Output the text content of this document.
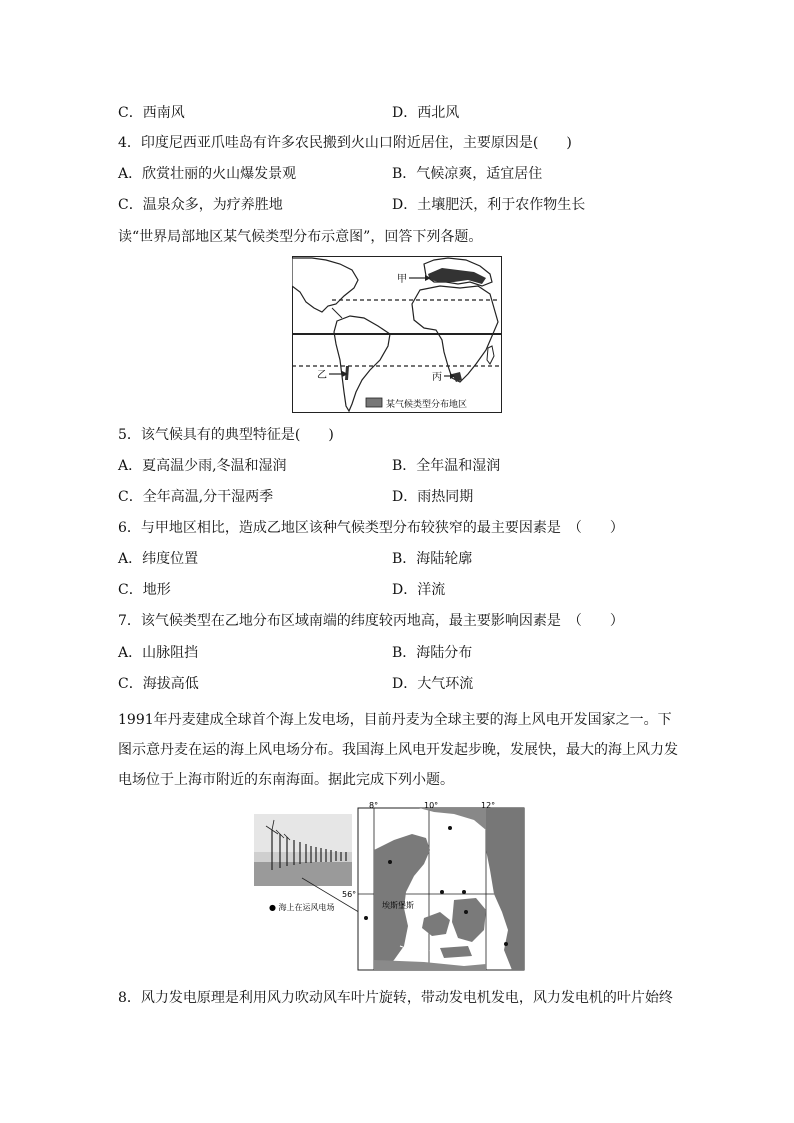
C．西南风	D．西北风
4．印度尼西亚爪哇岛有许多农民搬到火山口附近居住，主要原因是(　　)
A．欣赏壮丽的火山爆发景观	B．气候凉爽，适宜居住
C．温泉众多，为疗养胜地	D．土壤肥沃，利于农作物生长
读“世界局部地区某气候类型分布示意图”，回答下列各题。
甲
乙	丙
某气候类型分布地区
5．该气候具有的典型特征是(　　)
A．夏高温少雨,冬温和湿润	B．全年温和湿润
C．全年高温,分干湿两季	D．雨热同期
6．与甲地区相比，造成乙地区该种气候类型分布较狭窄的最主要因素是　（　　）
A．纬度位置	B．海陆轮廓
C．地形	D．洋流
7．该气候类型在乙地分布区域南端的纬度较丙地高，最主要影响因素是　（　　）
A．山脉阻挡	B．海陆分布
C．海拔高低	D．大气环流
1991年丹麦建成全球首个海上发电场，目前丹麦为全球主要的海上风电开发国家之一。下图示意丹麦在运的海上风电场分布。我国海上风电开发起步晚，发展快，最大的海上风力发电场位于上海市附近的东南海面。据此完成下列小题。
● 海上在运风电场
8°	10°	12°
56°
埃斯堡斯
8．风力发电原理是利用风力吹动风车叶片旋转，带动发电机发电，风力发电机的叶片始终
